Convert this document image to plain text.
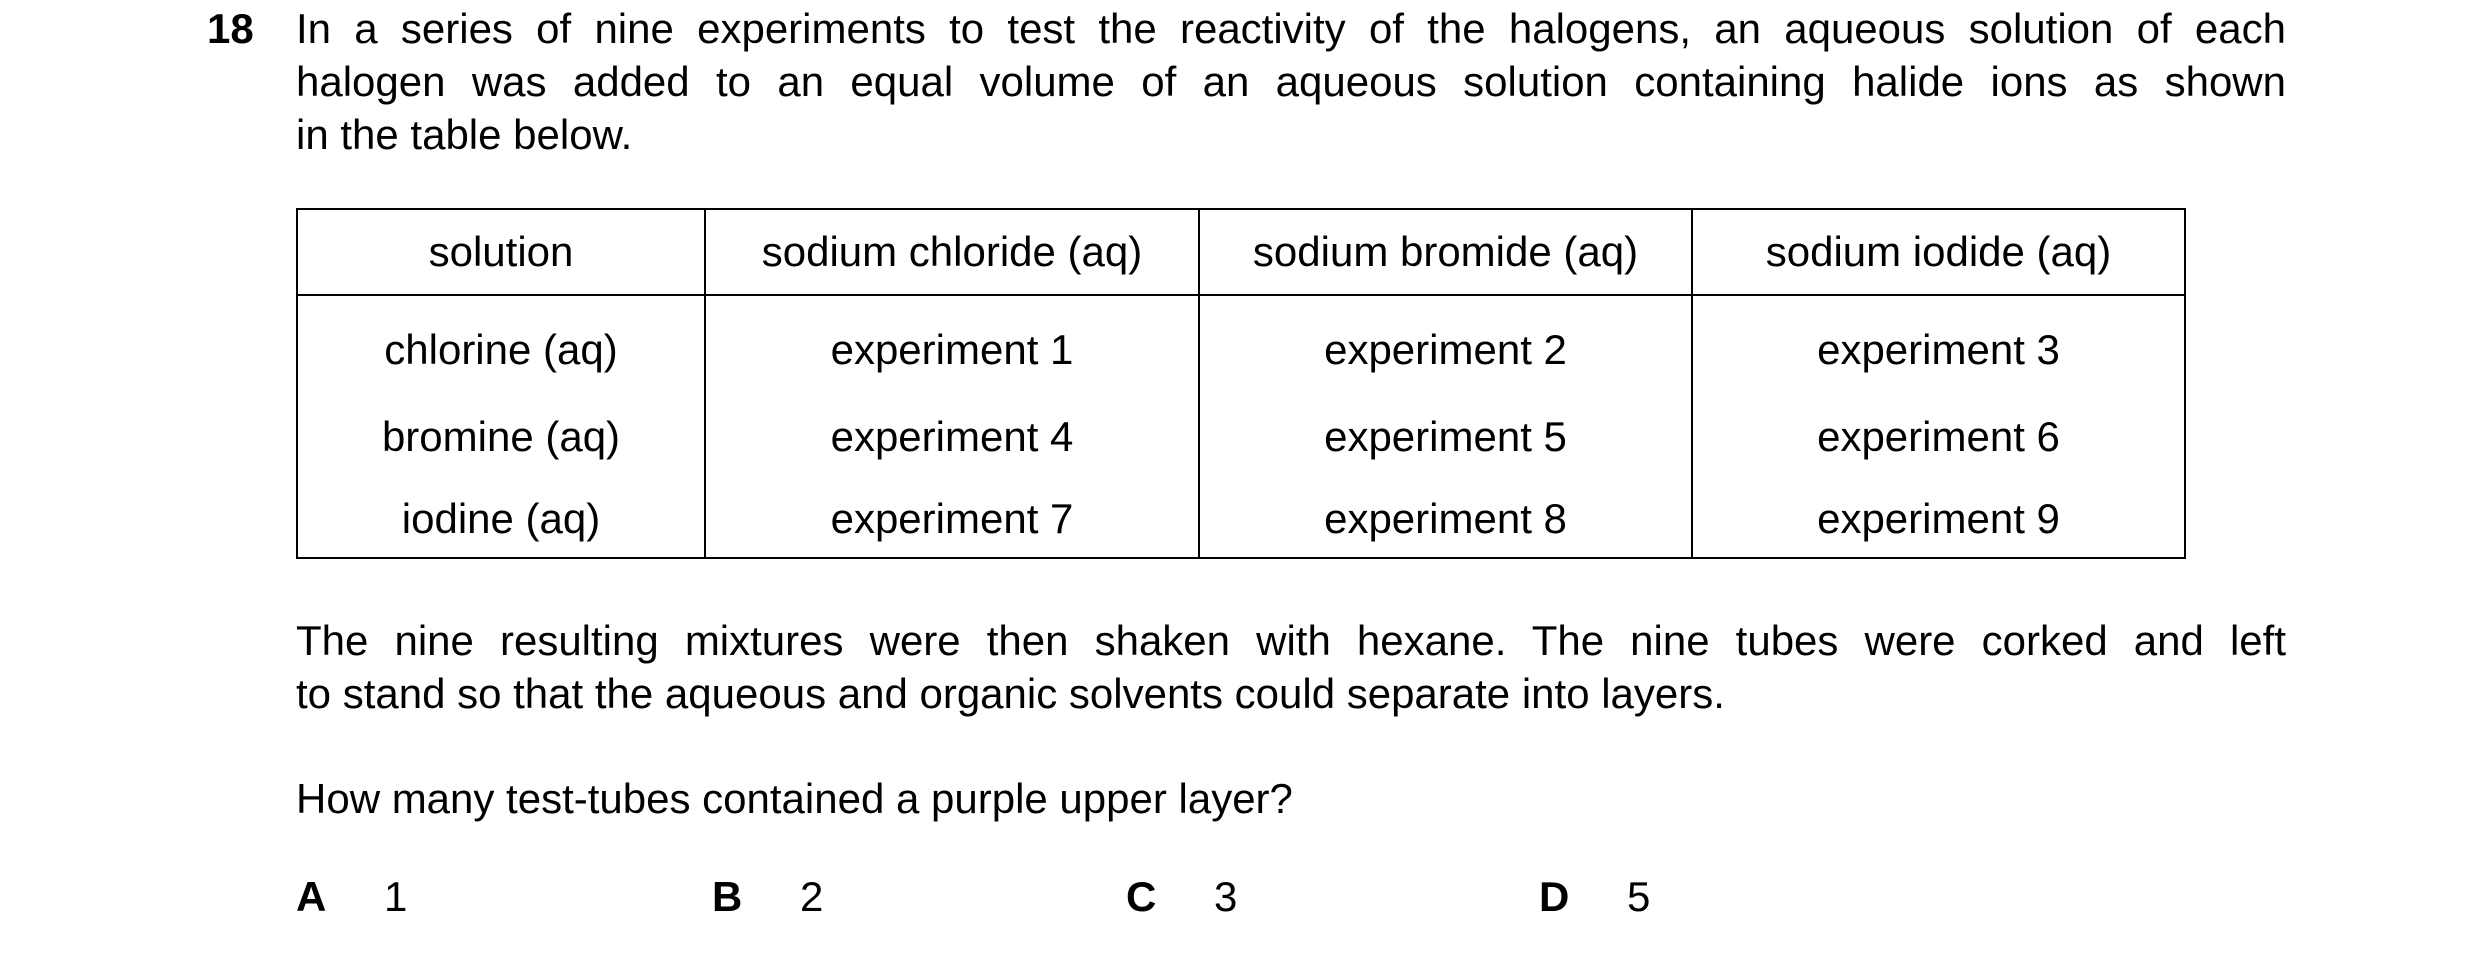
18 In a series of nine experiments to test the reactivity of the halogens, an aqueous solution of each
halogen was added to an equal volume of an aqueous solution containing halide ions as shown
in the table below.
solution	sodium chloride (aq)	sodium bromide (aq)	sodium iodide (aq)
chlorine (aq)	experiment 1	experiment 2	experiment 3
bromine (aq)	experiment 4	experiment 5	experiment 6
iodine (aq)	experiment 7	experiment 8	experiment 9
The nine resulting mixtures were then shaken with hexane. The nine tubes were corked and left
to stand so that the aqueous and organic solvents could separate into layers.
How many test-tubes contained a purple upper layer?
A 1	B 2	C 3	D 5
